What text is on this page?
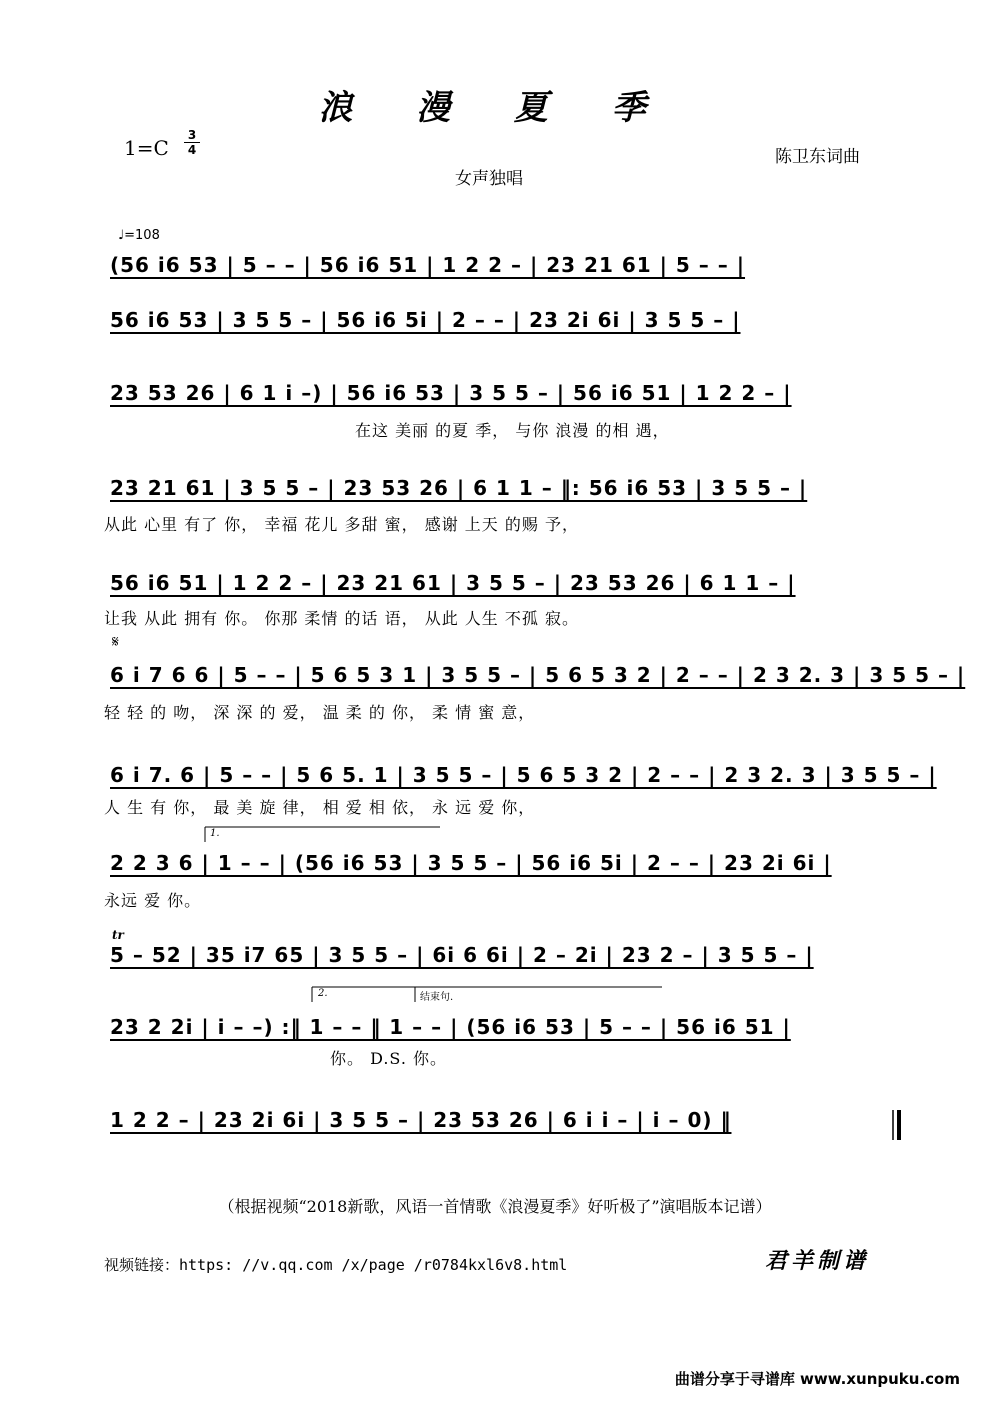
浪 漫 夏 季
$1=C \frac{3}{4}$	陈卫东词曲
女声独唱
♩=108
(56 i6 53 | 5 – – | 56 i6 51 | 1 2 2 – | 23 21 61 | 5 – – |
56 i6 53 | 3 5 5 – | 56 i6 5i | 2 – – | 23 2i 6i | 3 5 5 – |
23 53 26 | 6 1 i –) | 56 i6 53 | 3 5 5 – | 56 i6 51 | 1 2 2 – |
在这 美丽 的夏 季， 与你 浪漫 的相 遇，
23 21 61 | 3 5 5 – | 23 53 26 | 6 1 1 – ‖: 56 i6 53 | 3 5 5 – |
从此 心里 有了 你， 幸福 花儿 多甜 蜜， 感谢 上天 的赐 予，
56 i6 51 | 1 2 2 – | 23 21 61 | 3 5 5 – | 23 53 26 | 6 1 1 – |
让我 从此 拥有 你。 你那 柔情 的话 语， 从此 人生 不孤 寂。
6 i 7 6 6 | 5 – – | 5 6 5 3 1 | 3 5 5 – | 5 6 5 3 2 | 2 – – | 2 3 2. 3 | 3 5 5 – |
轻 轻 的 吻， 深 深 的 爱， 温 柔 的 你， 柔 情 蜜 意，
6 i 7. 6 | 5 – – | 5 6 5. 1 | 3 5 5 – | 5 6 5 3 2 | 2 – – | 2 3 2. 3 | 3 5 5 – |
人 生 有 你， 最 美 旋 律， 相 爱 相 依， 永 远 爱 你，
2 2 3 6 | 1 – – | (56 i6 53 | 3 5 5 – | 56 i6 5i | 2 – – | 23 2i 6i |
永远 爱 你。
5 – 52 | 35 i7 65 | 3 5 5 – | 6i 6 6i | 2 – 2i | 23 2 – | 3 5 5 – |
23 2 2i | i – –) :‖ 1 – – ‖ 1 – – | (56 i6 53 | 5 – – | 56 i6 51 |
你。 D.S. 你。
1 2 2 – | 23 2i 6i | 3 5 5 – | 23 53 26 | 6 i i – | i – 0) ‖
𝄋
1.
2.	结束句.
tr
（根据视频“2018新歌，风语一首情歌《浪漫夏季》好听极了”演唱版本记谱）
视频链接：https: //v.qq.com /x/page /r0784kxl6v8.html	君羊制谱
曲谱分享于寻谱库 www.xunpuku.com
